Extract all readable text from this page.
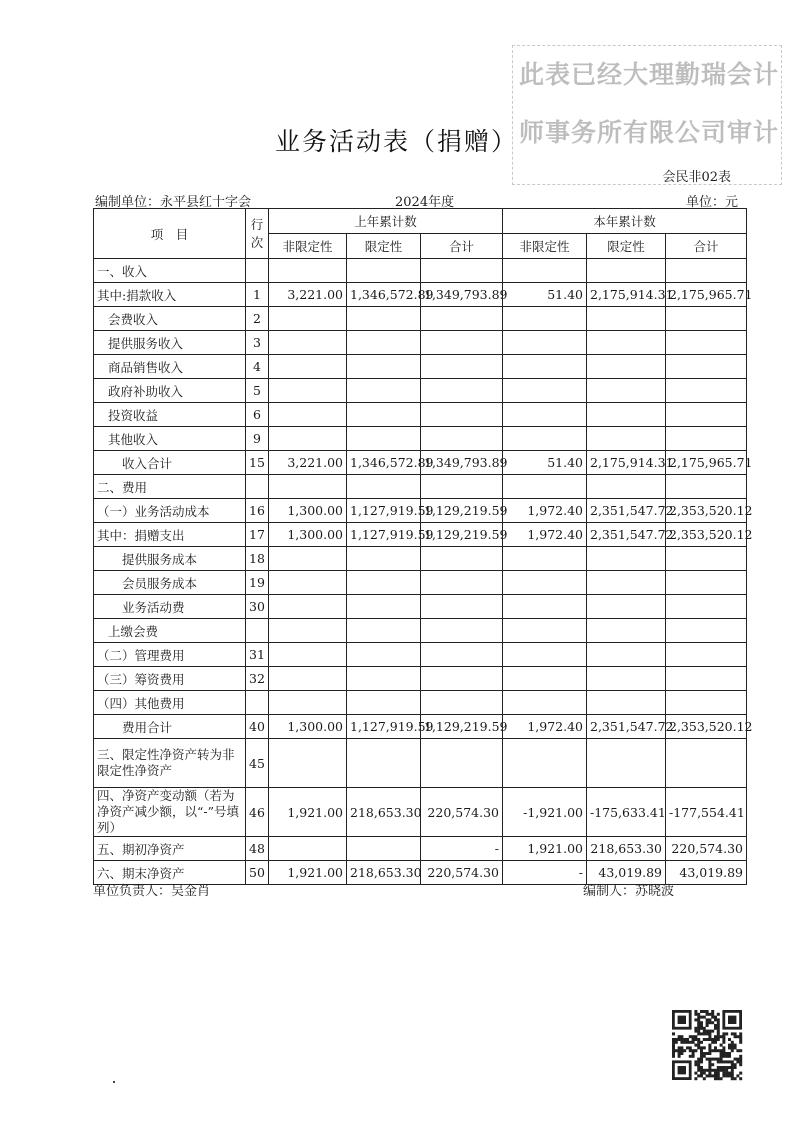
此表已经大理勤瑞会计
师事务所有限公司审计
业务活动表（捐赠）
会民非02表
编制单位：永平县红十字会	2024年度	单位：元
项　目	行次	上年累计数			本年累计数		
		非限定性	限定性	合计	非限定性	限定性	合计
一、收入							
其中:捐款收入	1	3,221.00	1,346,572.89	1,349,793.89	51.40	2,175,914.31	2,175,965.71
会费收入	2						
提供服务收入	3						
商品销售收入	4						
政府补助收入	5						
投资收益	6						
其他收入	9						
收入合计	15	3,221.00	1,346,572.89	1,349,793.89	51.40	2,175,914.31	2,175,965.71
二、费用							
（一）业务活动成本	16	1,300.00	1,127,919.59	1,129,219.59	1,972.40	2,351,547.72	2,353,520.12
其中：捐赠支出	17	1,300.00	1,127,919.59	1,129,219.59	1,972.40	2,351,547.72	2,353,520.12
提供服务成本	18						
会员服务成本	19						
业务活动费	30						
上缴会费							
（二）管理费用	31						
（三）筹资费用	32						
（四）其他费用							
费用合计	40	1,300.00	1,127,919.59	1,129,219.59	1,972.40	2,351,547.72	2,353,520.12
三、限定性净资产转为非限定性净资产	45						
四、净资产变动额（若为净资产减少额，以“-”号填列）	46	1,921.00	218,653.30	220,574.30	-1,921.00	-175,633.41	-177,554.41
五、期初净资产	48			-	1,921.00	218,653.30	220,574.30
六、期末净资产	50	1,921.00	218,653.30	220,574.30	-	43,019.89	43,019.89
单位负责人：吴金肖	编制人：苏晓波
